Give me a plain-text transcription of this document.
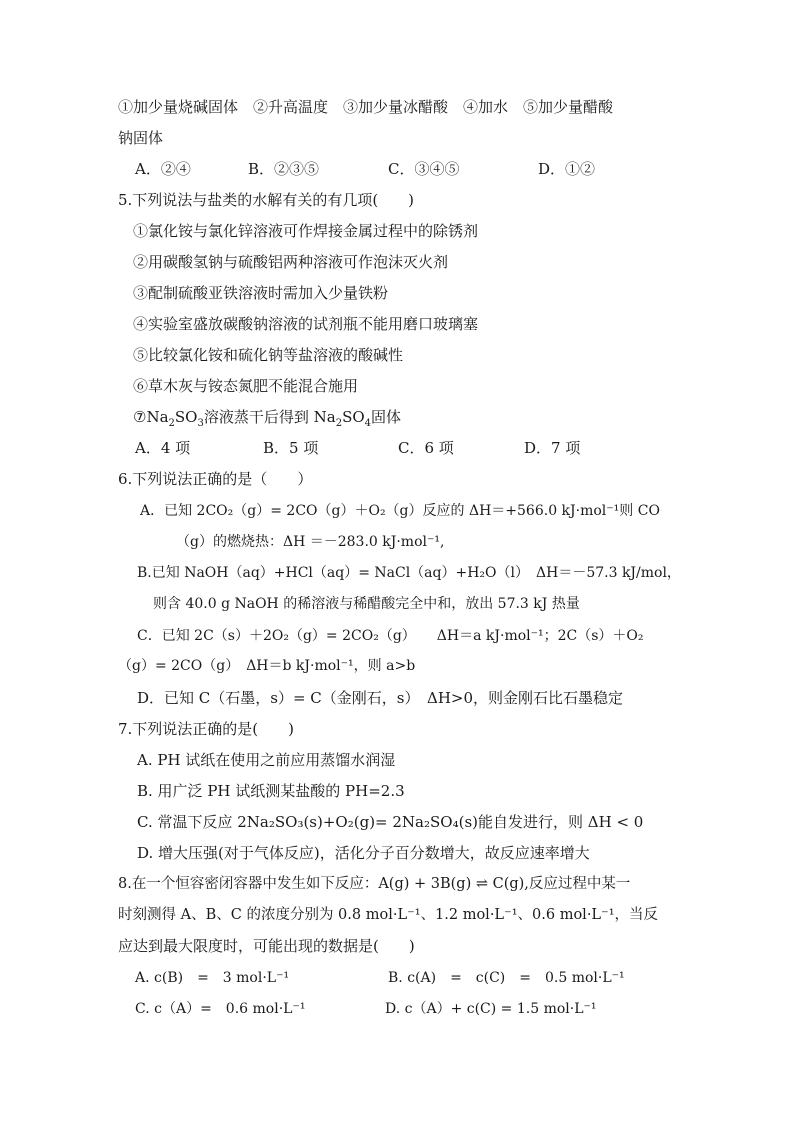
①加少量烧碱固体　②升高温度　③加少量冰醋酸　④加水　⑤加少量醋酸
钠固体
A．②④	B．②③⑤	C．③④⑤	D．①②
5.下列说法与盐类的水解有关的有几项(　　)
①氯化铵与氯化锌溶液可作焊接金属过程中的除锈剂
②用碳酸氢钠与硫酸铝两种溶液可作泡沫灭火剂
③配制硫酸亚铁溶液时需加入少量铁粉
④实验室盛放碳酸钠溶液的试剂瓶不能用磨口玻璃塞
⑤比较氯化铵和硫化钠等盐溶液的酸碱性
⑥草木灰与铵态氮肥不能混合施用
$⑦Na_2SO_3$溶液蒸干后得到 $Na_2SO_4$固体
A．4 项	B．5 项	C．6 项	D．7 项
6.下列说法正确的是（　　）
A．已知 2CO₂（g）= 2CO（g）＋O₂（g）反应的 ΔH＝+566.0 kJ·mol⁻¹则 CO
（g）的燃烧热：ΔH ＝－283.0 kJ·mol⁻¹,
B.已知 NaOH（aq）+HCl（aq）= NaCl（aq）+H₂O（l）　ΔH＝－57.3 kJ/mol，
则含 40.0 g NaOH 的稀溶液与稀醋酸完全中和，放出 57.3 kJ 热量
C．已知 2C（s）＋2O₂（g）= 2CO₂（g）　　ΔH＝a kJ·mol⁻¹；2C（s）＋O₂
（g）= 2CO（g）　ΔH＝b kJ·mol⁻¹，则 a>b
D．已知 C（石墨，s）= C（金刚石，s）　ΔH>0，则金刚石比石墨稳定
7.下列说法正确的是(　　)
A. PH 试纸在使用之前应用蒸馏水润湿
B. 用广泛 PH 试纸测某盐酸的 PH=2.3
C. 常温下反应 2Na₂SO₃(s)+O₂(g)= 2Na₂SO₄(s)能自发进行，则 ΔH < 0
D. 增大压强(对于气体反应)，活化分子百分数增大，故反应速率增大
8.在一个恒容密闭容器中发生如下反应：A(g) + 3B(g) ⇌ C(g),反应过程中某一
时刻测得 A、B、C 的浓度分别为 0.8 mol·L⁻¹、1.2 mol·L⁻¹、0.6 mol·L⁻¹，当反
应达到最大限度时，可能出现的数据是(　　)
A. c(B)　=　3 mol·L⁻¹	B. c(A)　=　c(C)　=　0.5 mol·L⁻¹
C. c（A）=　0.6 mol·L⁻¹	D. c（A）+ c(C) = 1.5 mol·L⁻¹
